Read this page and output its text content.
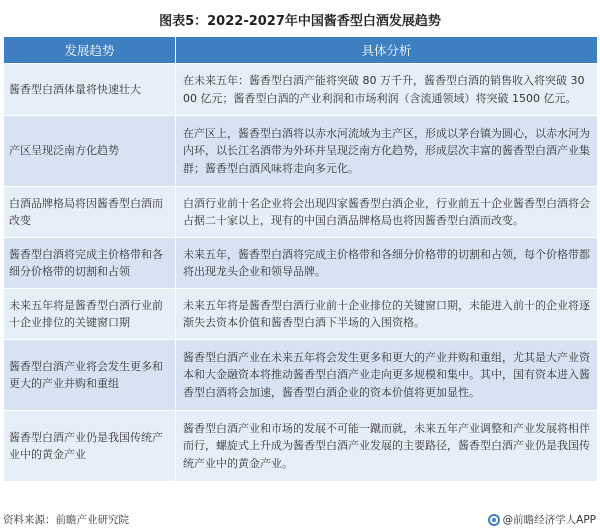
图表5：2022-2027年中国酱香型白酒发展趋势
发展趋势	具体分析
酱香型白酒体量将快速壮大	在未来五年：酱香型白酒产能将突破 80 万千升，酱香型白酒的销售收入将突破 3000 亿元；酱香型白酒的产业利润和市场利润（含流通领域）将突破 1500 亿元。
产区呈现泛南方化趋势	在产区上，酱香型白酒将以赤水河流域为主产区，形成以茅台镇为圆心，以赤水河为内环，以长江名酒带为外环并呈现泛南方化趋势，形成层次丰富的酱香型白酒产业集群；酱香型白酒风味将走向多元化。
白酒品牌格局将因酱香型白酒而改变	白酒行业前十名企业将会出现四家酱香型白酒企业，行业前五十企业酱香型白酒将会占据二十家以上，现有的中国白酒品牌格局也将因酱香型白酒而改变。
酱香型白酒将完成主价格带和各细分价格带的切割和占领	未来五年，酱香型白酒将完成主价格带和各细分价格带的切割和占领，每个价格带都将出现龙头企业和领导品牌。
未来五年将是酱香型白酒行业前十企业排位的关键窗口期	未来五年将是酱香型白酒行业前十企业排位的关键窗口期，未能进入前十的企业将逐渐失去资本价值和酱香型白酒下半场的入围资格。
酱香型白酒产业将会发生更多和更大的产业并购和重组	酱香型白酒产业在未来五年将会发生更多和更大的产业并购和重组，尤其是大产业资本和大金融资本将推动酱香型白酒产业走向更多规模和集中。其中，国有资本进入酱香型白酒将会加速，酱香型白酒企业的资本价值将更加显性。
酱香型白酒产业仍是我国传统产业中的黄金产业	酱香型白酒产业和市场的发展不可能一蹴而就，未来五年产业调整和产业发展将相伴而行，螺旋式上升成为酱香型白酒产业发展的主要路径，酱香型白酒产业仍是我国传统产业中的黄金产业。
资料来源：前瞻产业研究院	@前瞻经济学人APP
